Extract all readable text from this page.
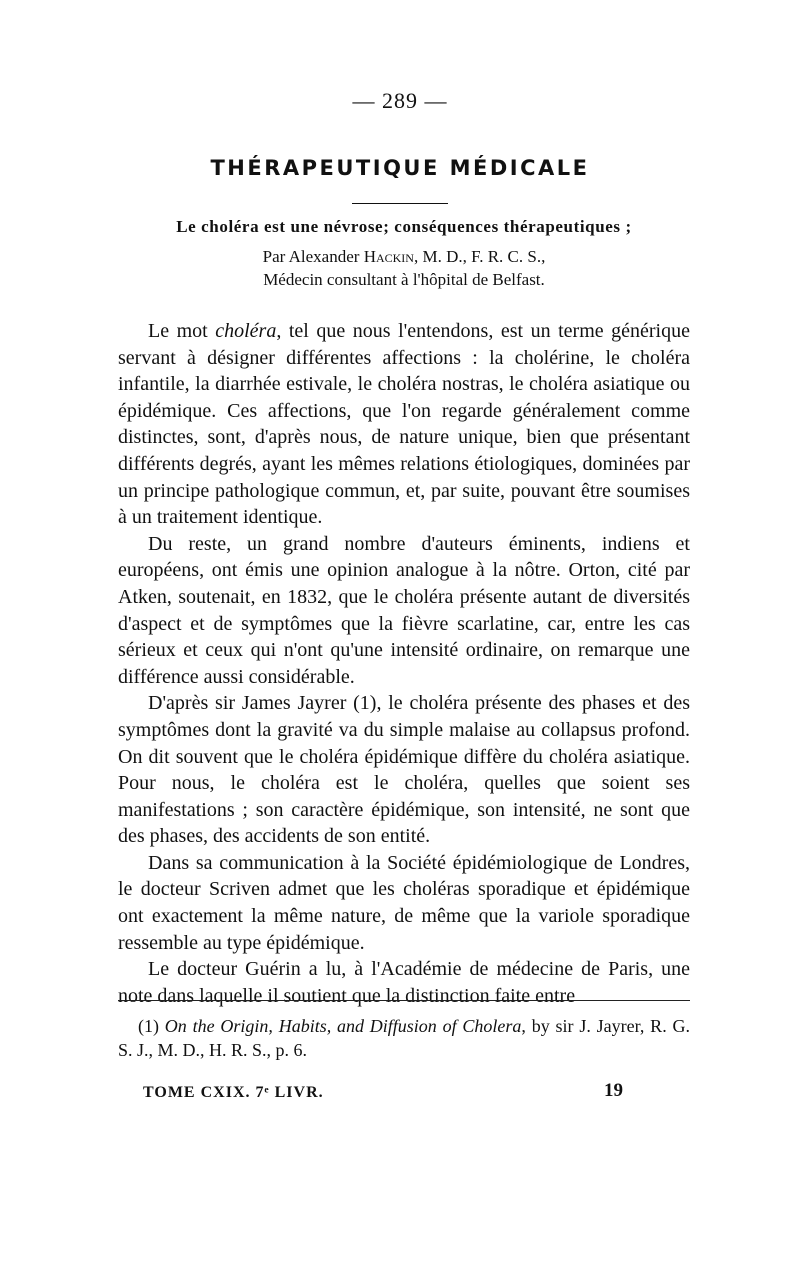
— 289 —
THÉRAPEUTIQUE MÉDICALE
Le choléra est une névrose; conséquences thérapeutiques ;
Par Alexander Hackin, M. D., F. R. C. S.,
Médecin consultant à l'hôpital de Belfast.

Le mot choléra, tel que nous l'entendons, est un terme générique servant à désigner différentes affections : la cholérine, le choléra infantile, la diarrhée estivale, le choléra nostras, le choléra asiatique ou épidémique. Ces affections, que l'on regarde généralement comme distinctes, sont, d'après nous, de nature unique, bien que présentant différents degrés, ayant les mêmes relations étiologiques, dominées par un principe pathologique commun, et, par suite, pouvant être soumises à un traitement identique.

Du reste, un grand nombre d'auteurs éminents, indiens et européens, ont émis une opinion analogue à la nôtre. Orton, cité par Atken, soutenait, en 1832, que le choléra présente autant de diversités d'aspect et de symptômes que la fièvre scarlatine, car, entre les cas sérieux et ceux qui n'ont qu'une intensité ordinaire, on remarque une différence aussi considérable.

D'après sir James Jayrer (1), le choléra présente des phases et des symptômes dont la gravité va du simple malaise au collapsus profond. On dit souvent que le choléra épidémique diffère du choléra asiatique. Pour nous, le choléra est le choléra, quelles que soient ses manifestations ; son caractère épidémique, son intensité, ne sont que des phases, des accidents de son entité.

Dans sa communication à la Société épidémiologique de Londres, le docteur Scriven admet que les choléras sporadique et épidémique ont exactement la même nature, de même que la variole sporadique ressemble au type épidémique.

Le docteur Guérin a lu, à l'Académie de médecine de Paris, une note dans laquelle il soutient que la distinction faite entre

(1) On the Origin, Habits, and Diffusion of Cholera, by sir J. Jayrer, R. G. S. J., M. D., H. R. S., p. 6.
TOME CXIX. 7ᵉ LIVR.	19
